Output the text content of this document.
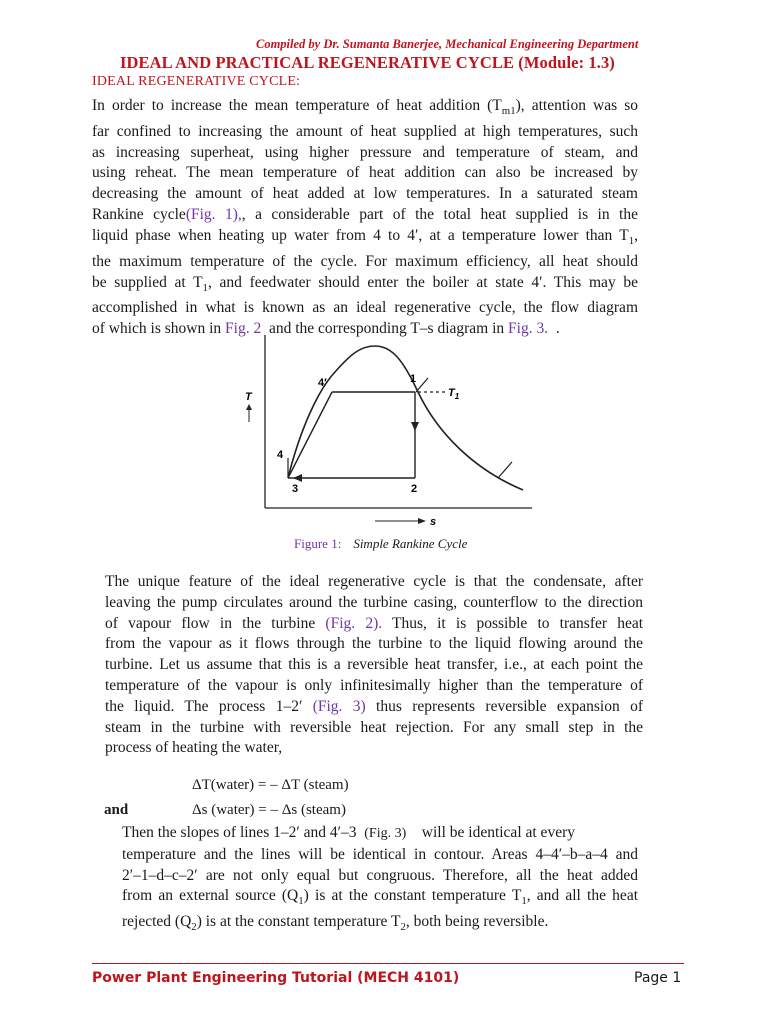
Compiled by Dr. Sumanta Banerjee, Mechanical Engineering Department
IDEAL AND PRACTICAL REGENERATIVE CYCLE (Module: 1.3)
IDEAL REGENERATIVE CYCLE:
In order to increase the mean temperature of heat addition $(T_{m1})$, attention was so
far confined to increasing the amount of heat supplied at high temperatures, such
as increasing superheat, using higher pressure and temperature of steam, and
using reheat. The mean temperature of heat addition can also be increased by
decreasing the amount of heat added at low temperatures. In a saturated steam
Rankine cycle(Fig. 1),, a considerable part of the total heat supplied is in the
liquid phase when heating up water from 4 to 4′, at a temperature lower than $T_1$,
the maximum temperature of the cycle. For maximum efficiency, all heat should
be supplied at $T_1$, and feedwater should enter the boiler at state 4′. This may be
accomplished in what is known as an ideal regenerative cycle, the flow diagram
of which is shown in Fig. 2 and the corresponding T–s diagram in Fig. 3. .
4′	1
$T_1$
4
3	2
T
s
Figure 1: Simple Rankine Cycle
The unique feature of the ideal regenerative cycle is that the condensate, after
leaving the pump circulates around the turbine casing, counterflow to the direction
of vapour flow in the turbine (Fig. 2). Thus, it is possible to transfer heat
from the vapour as it flows through the turbine to the liquid flowing around the
turbine. Let us assume that this is a reversible heat transfer, i.e., at each point the
temperature of the vapour is only infinitesimally higher than the temperature of
the liquid. The process 1–2′ (Fig. 3) thus represents reversible expansion of
steam in the turbine with reversible heat rejection. For any small step in the
process of heating the water,
ΔT(water) = – ΔT (steam)
and	Δs (water) = – Δs (steam)
Then the slopes of lines 1–2′ and 4′–3 (Fig. 3) will be identical at every
temperature and the lines will be identical in contour. Areas 4–4′–b–a–4 and
2′–1–d–c–2′ are not only equal but congruous. Therefore, all the heat added
from an external source $(Q_1)$ is at the constant temperature $T_1$, and all the heat
rejected $(Q_2)$ is at the constant temperature $T_2$, both being reversible.
Power Plant Engineering Tutorial (MECH 4101)	Page 1
